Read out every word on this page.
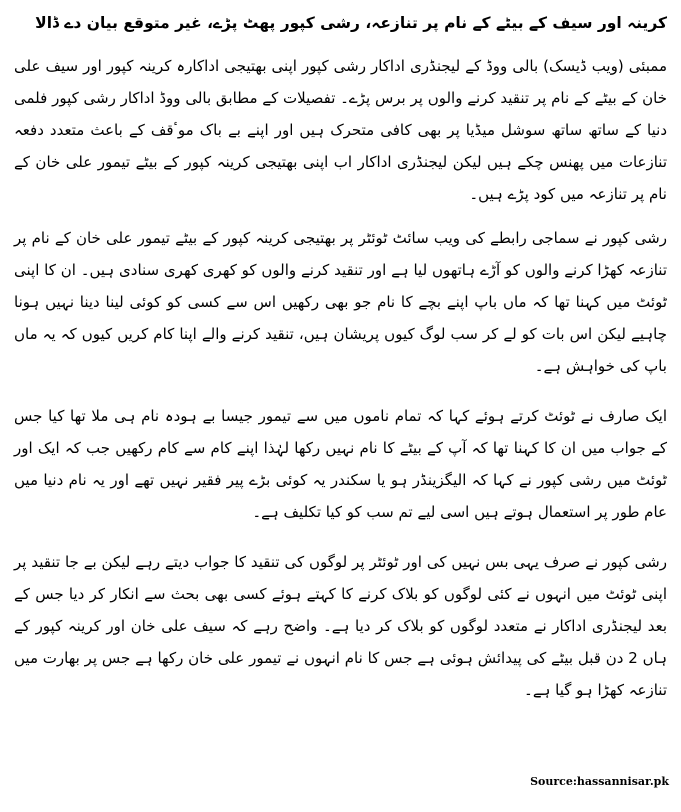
کرینہ اور سیف کے بیٹے کے نام پر تنازعہ، رشی کپور پھٹ پڑے، غیر متوقع بیان دے ڈالا

ممبئی (ویب ڈیسک) بالی ووڈ کے لیجنڈری اداکار رشی کپور اپنی بھتیجی اداکارہ کرینہ کپور اور سیف علی خان کے بیٹے کے نام پر تنقید کرنے والوں پر برس پڑے۔ تفصیلات کے مطابق بالی ووڈ اداکار رشی کپور فلمی دنیا کے ساتھ ساتھ سوشل میڈیا پر بھی کافی متحرک ہیں اور اپنے بے باک موٴقف کے باعث متعدد دفعہ تنازعات میں پھنس چکے ہیں لیکن لیجنڈری اداکار اب اپنی بھتیجی کرینہ کپور کے بیٹے تیمور علی خان کے نام پر تنازعہ میں کود پڑے ہیں۔

رشی کپور نے سماجی رابطے کی ویب سائٹ ٹوئٹر پر بھتیجی کرینہ کپور کے بیٹے تیمور علی خان کے نام پر تنازعہ کھڑا کرنے والوں کو آڑے ہاتھوں لیا ہے اور تنقید کرنے والوں کو کھری کھری سنادی ہیں۔ ان کا اپنی ٹوئٹ میں کہنا تھا کہ ماں باپ اپنے بچے کا نام جو بھی رکھیں اس سے کسی کو کوئی لینا دینا نہیں ہونا چاہیے لیکن اس بات کو لے کر سب لوگ کیوں پریشان ہیں، تنقید کرنے والے اپنا کام کریں کیوں کہ یہ ماں باپ کی خواہش ہے۔

ایک صارف نے ٹوئٹ کرتے ہوئے کہا کہ تمام ناموں میں سے تیمور جیسا بے ہودہ نام ہی ملا تھا کیا جس کے جواب میں ان کا کہنا تھا کہ آپ کے بیٹے کا نام نہیں رکھا لہٰذا اپنے کام سے کام رکھیں جب کہ ایک اور ٹوئٹ میں رشی کپور نے کہا کہ الیگزینڈر ہو یا سکندر یہ کوئی بڑے پیر فقیر نہیں تھے اور یہ نام دنیا میں عام طور پر استعمال ہوتے ہیں اسی لیے تم سب کو کیا تکلیف ہے۔

رشی کپور نے صرف یہی بس نہیں کی اور ٹوئٹر پر لوگوں کی تنقید کا جواب دیتے رہے لیکن بے جا تنقید پر اپنی ٹوئٹ میں انہوں نے کئی لوگوں کو بلاک کرنے کا کہتے ہوئے کسی بھی بحث سے انکار کر دیا جس کے بعد لیجنڈری اداکار نے متعدد لوگوں کو بلاک کر دیا ہے۔ واضح رہے کہ سیف علی خان اور کرینہ کپور کے ہاں 2 دن قبل بیٹے کی پیدائش ہوئی ہے جس کا نام انہوں نے تیمور علی خان رکھا ہے جس پر بھارت میں تنازعہ کھڑا ہو گیا ہے۔

Source:hassannisar.pk
